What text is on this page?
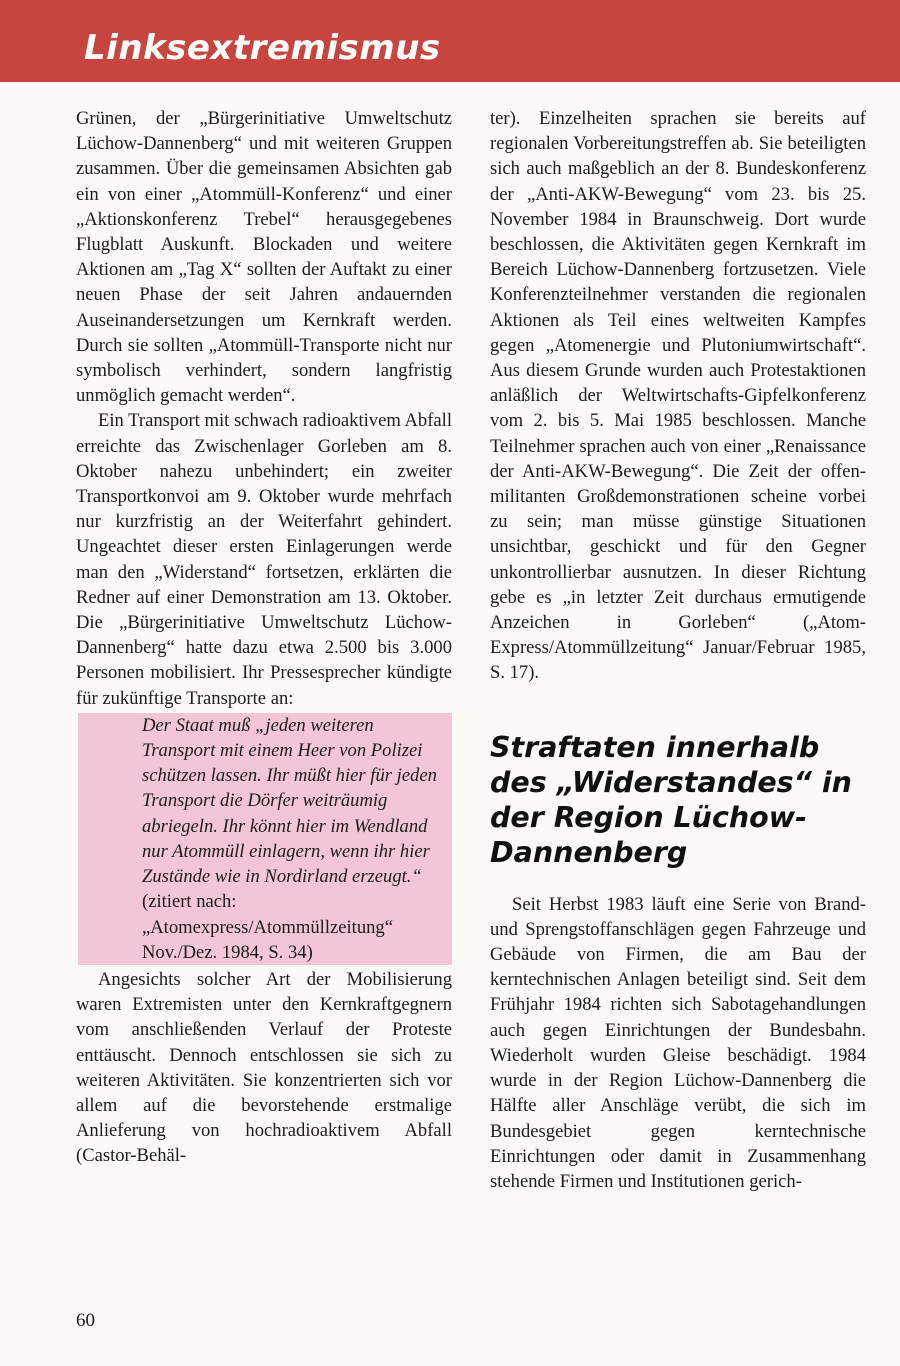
Linksextremismus

Grünen, der „Bürgerinitiative Umweltschutz Lüchow-Dannenberg“ und mit weiteren Gruppen zusammen. Über die gemeinsamen Absichten gab ein von einer „Atommüll-Konferenz“ und einer „Aktionskonferenz Trebel“ herausgegebenes Flugblatt Auskunft. Blockaden und weitere Aktionen am „Tag X“ sollten der Auftakt zu einer neuen Phase der seit Jahren andauernden Auseinandersetzungen um Kernkraft werden. Durch sie sollten „Atommüll-Transporte nicht nur symbolisch verhindert, sondern langfristig unmöglich gemacht werden“.

Ein Transport mit schwach radioaktivem Abfall erreichte das Zwischenlager Gorleben am 8. Oktober nahezu unbehindert; ein zweiter Transportkonvoi am 9. Oktober wurde mehrfach nur kurzfristig an der Weiterfahrt gehindert. Ungeachtet dieser ersten Einlagerungen werde man den „Widerstand“ fortsetzen, erklärten die Redner auf einer Demonstration am 13. Oktober. Die „Bürgerinitiative Umweltschutz Lüchow-Dannenberg“ hatte dazu etwa 2.500 bis 3.000 Personen mobilisiert. Ihr Pressesprecher kündigte für zukünftige Transporte an:

Der Staat muß „jeden weiteren Transport mit einem Heer von Polizei schützen lassen. Ihr müßt hier für jeden Transport die Dörfer weiträumig abriegeln. Ihr könnt hier im Wendland nur Atommüll einlagern, wenn ihr hier Zustände wie in Nordirland erzeugt.“
(zitiert nach: „Atomexpress/Atommüllzeitung“ Nov./Dez. 1984, S. 34)

Angesichts solcher Art der Mobilisierung waren Extremisten unter den Kernkraftgegnern vom anschließenden Verlauf der Proteste enttäuscht. Dennoch entschlossen sie sich zu weiteren Aktivitäten. Sie konzentrierten sich vor allem auf die bevorstehende erstmalige Anlieferung von hochradioaktivem Abfall (Castor-Behäl-

ter). Einzelheiten sprachen sie bereits auf regionalen Vorbereitungstreffen ab. Sie beteiligten sich auch maßgeblich an der 8. Bundeskonferenz der „Anti-AKW-Bewegung“ vom 23. bis 25. November 1984 in Braunschweig. Dort wurde beschlossen, die Aktivitäten gegen Kernkraft im Bereich Lüchow-Dannenberg fortzusetzen. Viele Konferenzteilnehmer verstanden die regionalen Aktionen als Teil eines weltweiten Kampfes gegen „Atomenergie und Plutoniumwirtschaft“. Aus diesem Grunde wurden auch Protestaktionen anläßlich der Weltwirtschafts-Gipfelkonferenz vom 2. bis 5. Mai 1985 beschlossen. Manche Teilnehmer sprachen auch von einer „Renaissance der Anti-AKW-Bewegung“. Die Zeit der offen-militanten Großdemonstrationen scheine vorbei zu sein; man müsse günstige Situationen unsichtbar, geschickt und für den Gegner unkontrollierbar ausnutzen. In dieser Richtung gebe es „in letzter Zeit durchaus ermutigende Anzeichen in Gorleben“ („Atom-Express/Atommüllzeitung“ Januar/Februar 1985, S. 17).

Straftaten innerhalb des „Widerstandes“ in der Region Lüchow-Dannenberg

Seit Herbst 1983 läuft eine Serie von Brand-und Sprengstoffanschlägen gegen Fahrzeuge und Gebäude von Firmen, die am Bau der kerntechnischen Anlagen beteiligt sind. Seit dem Frühjahr 1984 richten sich Sabotagehandlungen auch gegen Einrichtungen der Bundesbahn. Wiederholt wurden Gleise beschädigt. 1984 wurde in der Region Lüchow-Dannenberg die Hälfte aller Anschläge verübt, die sich im Bundesgebiet gegen kerntechnische Einrichtungen oder damit in Zusammenhang stehende Firmen und Institutionen gerich-

60
